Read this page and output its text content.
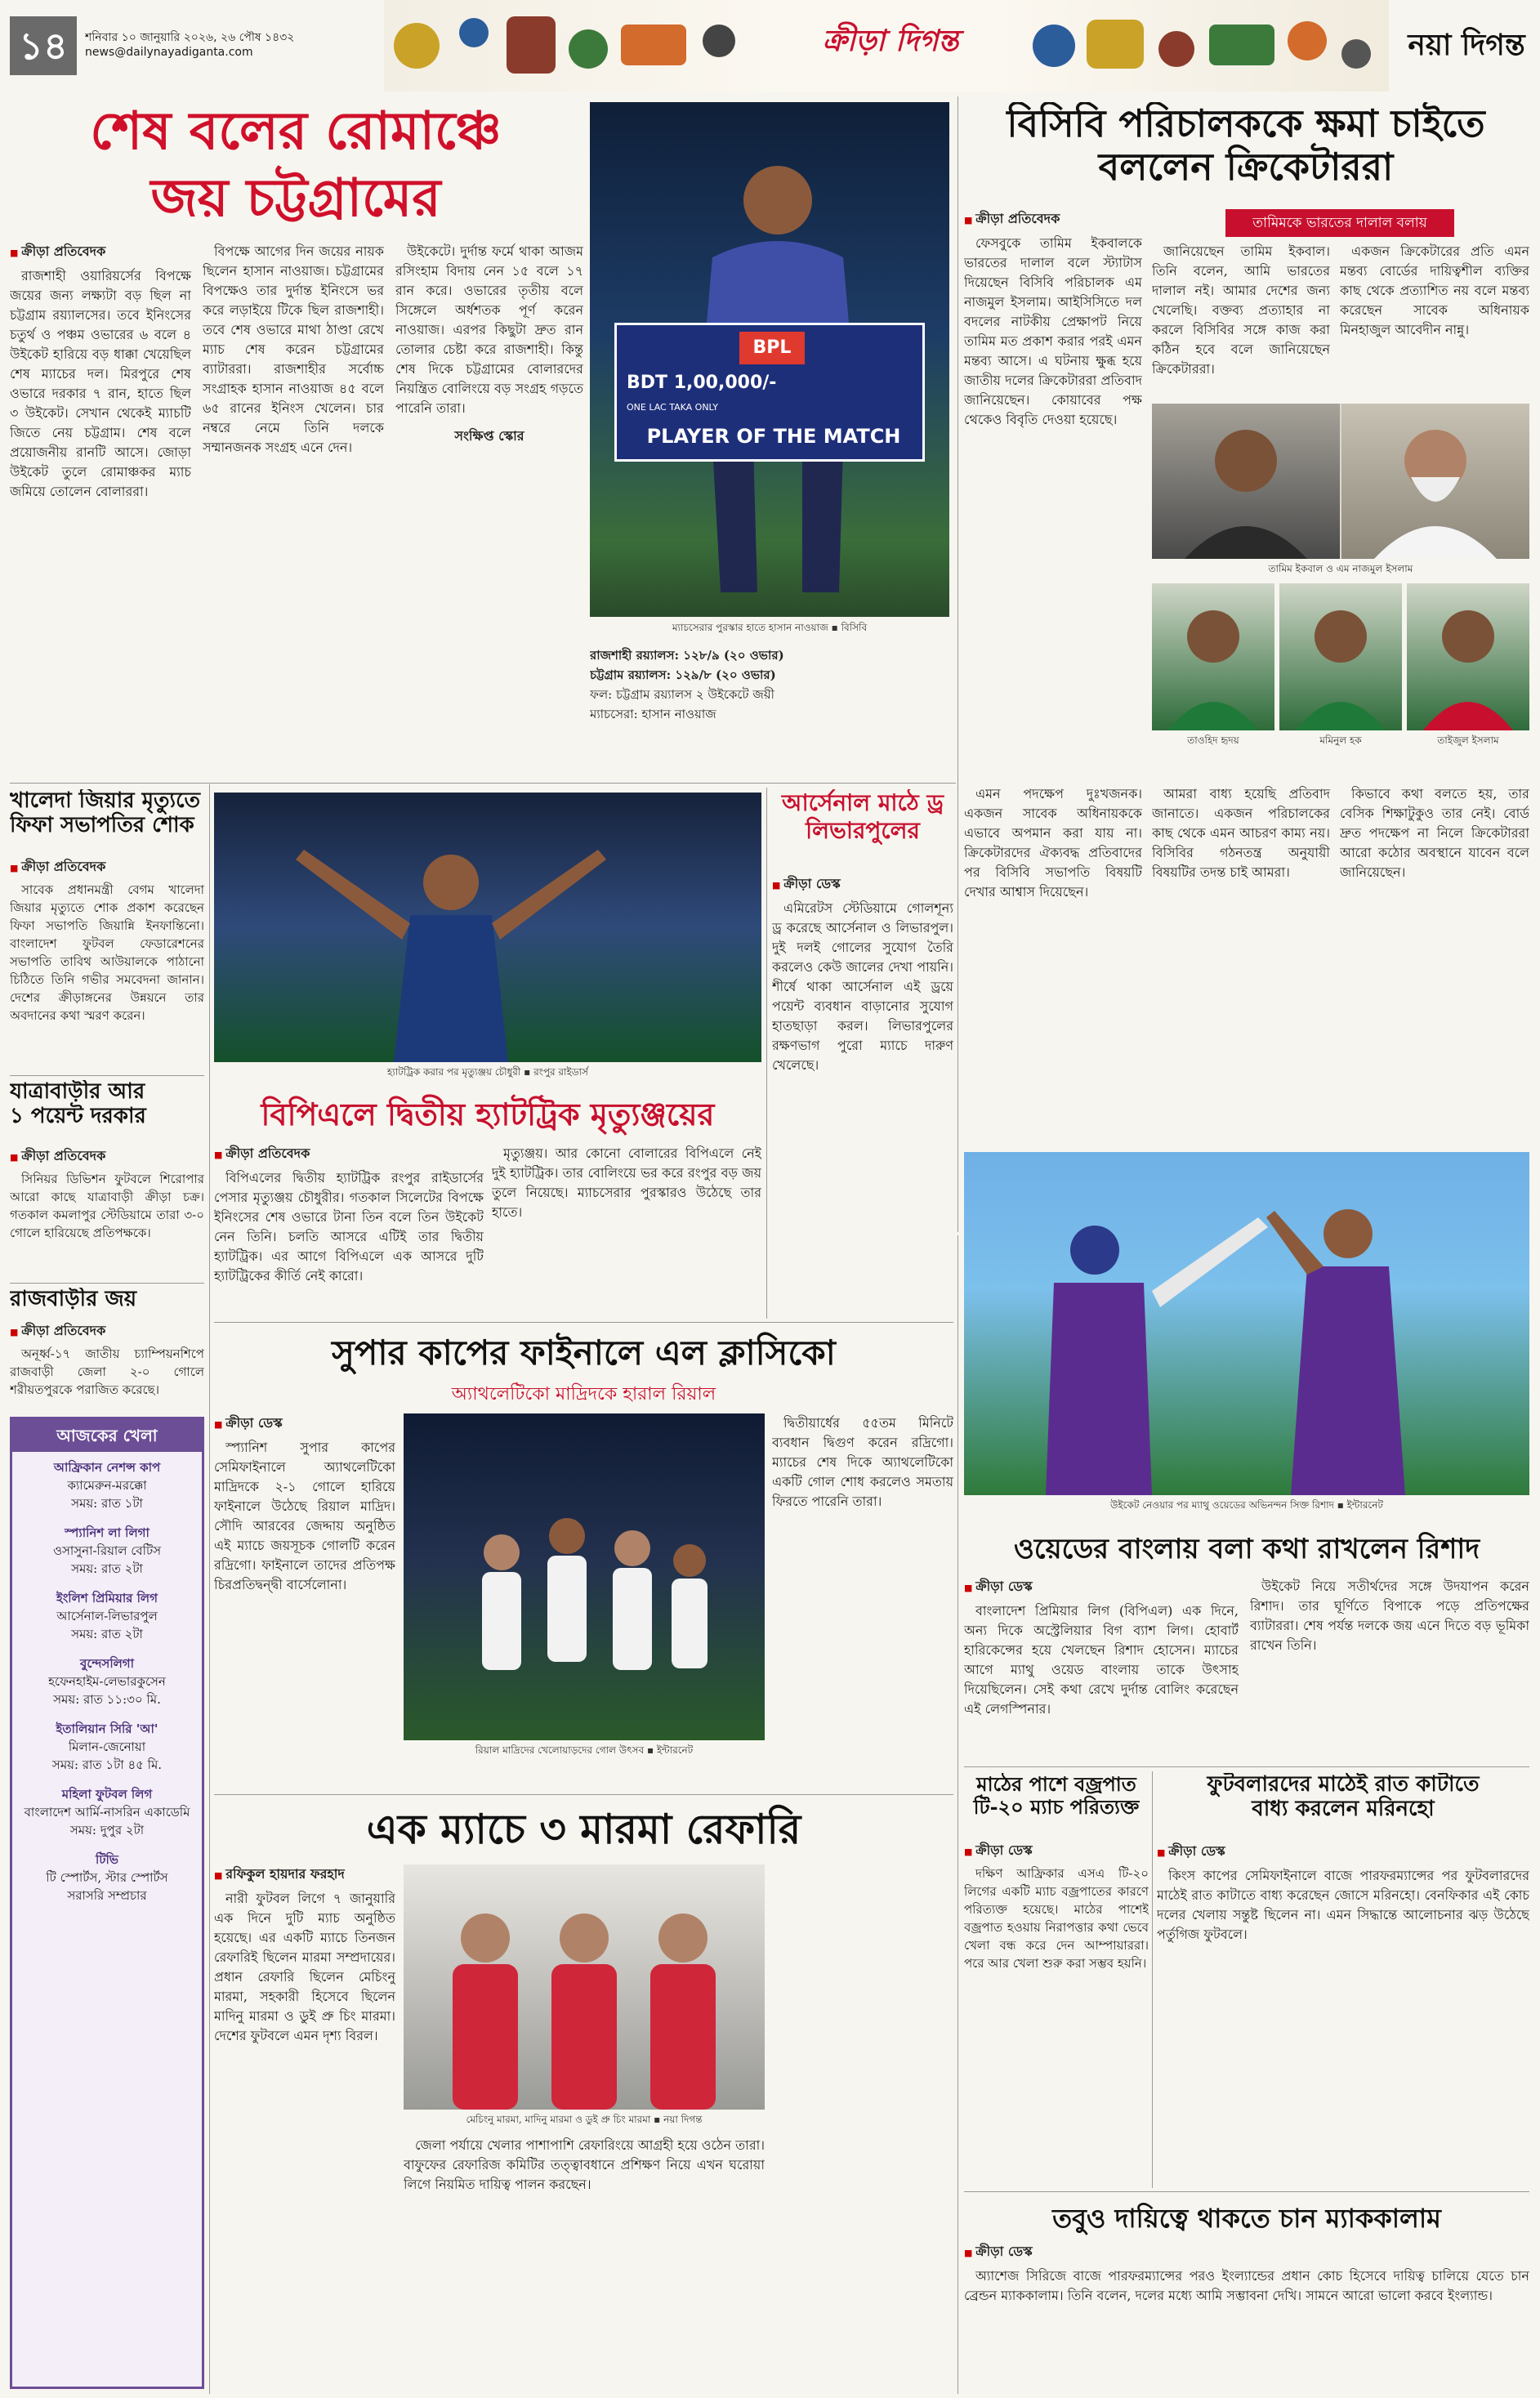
১৪	শনিবার ১০ জানুয়ারি ২০২৬, ২৬ পৌষ ১৪৩২
news@dailynayadiganta.com	ক্রীড়া দিগন্ত	নয়া দিগন্ত
শেষ বলের রোমাঞ্চে
জয় চট্টগ্রামের
■ ক্রীড়া প্রতিবেদক

রাজশাহী ওয়ারিয়র্সের বিপক্ষে জয়ের জন্য লক্ষ্যটা বড় ছিল না চট্টগ্রাম রয়্যালসের। তবে ইনিংসের চতুর্থ ও পঞ্চম ওভারের ৬ বলে ৪ উইকেট হারিয়ে বড় ধাক্কা খেয়েছিল শেষ ম্যাচের দল। মিরপুরে শেষ ওভারে দরকার ৭ রান, হাতে ছিল ৩ উইকেট। সেখান থেকেই ম্যাচটি জিতে নেয় চট্টগ্রাম। শেষ বলে প্রয়োজনীয় রানটি আসে। জোড়া উইকেট তুলে রোমাঞ্চকর ম্যাচ জমিয়ে তোলেন বোলাররা।

বিপক্ষে আগের দিন জয়ের নায়ক ছিলেন হাসান নাওয়াজ। চট্টগ্রামের বিপক্ষেও তার দুর্দান্ত ইনিংসে ভর করে লড়াইয়ে টিকে ছিল রাজশাহী। তবে শেষ ওভারে মাথা ঠাণ্ডা রেখে ম্যাচ শেষ করেন চট্টগ্রামের ব্যাটাররা। রাজশাহীর সর্বোচ্চ সংগ্রাহক হাসান নাওয়াজ ৪৫ বলে ৬৫ রানের ইনিংস খেলেন। চার নম্বরে নেমে তিনি দলকে সম্মানজনক সংগ্রহ এনে দেন।

BPL
BDT 1,00,000/-
ONE LAC TAKA ONLY
PLAYER OF THE MATCH
ম্যাচসেরার পুরস্কার হাতে হাসান নাওয়াজ ▪ বিসিবি

উইকেটে। দুর্দান্ত ফর্মে থাকা আজম রসিংহাম বিদায় নেন ১৫ বলে ১৭ রান করে। ওভারের তৃতীয় বলে সিঙ্গেলে অর্ধশতক পূর্ণ করেন নাওয়াজ। এরপর কিছুটা দ্রুত রান তোলার চেষ্টা করে রাজশাহী। কিন্তু শেষ দিকে চট্টগ্রামের বোলারদের নিয়ন্ত্রিত বোলিংয়ে বড় সংগ্রহ গড়তে পারেনি তারা।

সংক্ষিপ্ত স্কোর
রাজশাহী রয়্যালস: ১২৮/৯ (২০ ওভার)
চট্টগ্রাম রয়্যালস: ১২৯/৮ (২০ ওভার)
ফল: চট্টগ্রাম রয়্যালস ২ উইকেটে জয়ী
ম্যাচসেরা: হাসান নাওয়াজ
বিসিবি পরিচালককে ক্ষমা চাইতে
বললেন ক্রিকেটাররা
তামিমকে ভারতের দালাল বলায়
■ ক্রীড়া প্রতিবেদক

ফেসবুকে তামিম ইকবালকে ভারতের দালাল বলে স্ট্যাটাস দিয়েছেন বিসিবি পরিচালক এম নাজমুল ইসলাম। আইসিসিতে দল বদলের নাটকীয় প্রেক্ষাপট নিয়ে তামিম মত প্রকাশ করার পরই এমন মন্তব্য আসে। এ ঘটনায় ক্ষুব্ধ হয়ে জাতীয় দলের ক্রিকেটাররা প্রতিবাদ জানিয়েছেন। কোয়াবের পক্ষ থেকেও বিবৃতি দেওয়া হয়েছে।

জানিয়েছেন তামিম ইকবাল। তিনি বলেন, আমি ভারতের দালাল নই। আমার দেশের জন্য খেলেছি। বক্তব্য প্রত্যাহার না করলে বিসিবির সঙ্গে কাজ করা কঠিন হবে বলে জানিয়েছেন ক্রিকেটাররা।

একজন ক্রিকেটারের প্রতি এমন মন্তব্য বোর্ডের দায়িত্বশীল ব্যক্তির কাছ থেকে প্রত্যাশিত নয় বলে মন্তব্য করেছেন সাবেক অধিনায়ক মিনহাজুল আবেদীন নান্নু।

তামিম ইকবাল ও এম নাজমুল ইসলাম
তাওহিদ হৃদয়	মমিনুল হক	তাইজুল ইসলাম

এমন পদক্ষেপ দুঃখজনক। একজন সাবেক অধিনায়ককে এভাবে অপমান করা যায় না। ক্রিকেটারদের ঐক্যবদ্ধ প্রতিবাদের পর বিসিবি সভাপতি বিষয়টি দেখার আশ্বাস দিয়েছেন।

আমরা বাধ্য হয়েছি প্রতিবাদ জানাতে। একজন পরিচালকের কাছ থেকে এমন আচরণ কাম্য নয়। বিসিবির গঠনতন্ত্র অনুযায়ী বিষয়টির তদন্ত চাই আমরা।

কিভাবে কথা বলতে হয়, তার বেসিক শিক্ষাটুকুও তার নেই। বোর্ড দ্রুত পদক্ষেপ না নিলে ক্রিকেটাররা আরো কঠোর অবস্থানে যাবেন বলে জানিয়েছেন।

খালেদা জিয়ার মৃত্যুতে
ফিফা সভাপতির শোক
■ ক্রীড়া প্রতিবেদক

সাবেক প্রধানমন্ত্রী বেগম খালেদা জিয়ার মৃত্যুতে শোক প্রকাশ করেছেন ফিফা সভাপতি জিয়ান্নি ইনফান্তিনো। বাংলাদেশ ফুটবল ফেডারেশনের সভাপতি তাবিথ আউয়ালকে পাঠানো চিঠিতে তিনি গভীর সমবেদনা জানান। দেশের ক্রীড়াঙ্গনের উন্নয়নে তার অবদানের কথা স্মরণ করেন।

যাত্রাবাড়ীর আর
১ পয়েন্ট দরকার
■ ক্রীড়া প্রতিবেদক

সিনিয়র ডিভিশন ফুটবলে শিরোপার আরো কাছে যাত্রাবাড়ী ক্রীড়া চক্র। গতকাল কমলাপুর স্টেডিয়ামে তারা ৩-০ গোলে হারিয়েছে প্রতিপক্ষকে।

রাজবাড়ীর জয়
■ ক্রীড়া প্রতিবেদক

অনূর্ধ্ব-১৭ জাতীয় চ্যাম্পিয়নশিপে রাজবাড়ী জেলা ২-০ গোলে শরীয়তপুরকে পরাজিত করেছে।

আজকের খেলা
আফ্রিকান নেশন্স কাপ
ক্যামেরুন-মরক্কো
সময়: রাত ১টা
স্প্যানিশ লা লিগা
ওসাসুনা-রিয়াল বেটিস
সময়: রাত ২টা
ইংলিশ প্রিমিয়ার লিগ
আর্সেনাল-লিভারপুল
সময়: রাত ২টা
বুন্দেসলিগা
হফেনহাইম-লেভারকুসেন
সময়: রাত ১১:৩০ মি.
ইতালিয়ান সিরি 'আ'
মিলান-জেনোয়া
সময়: রাত ১টা ৪৫ মি.
মহিলা ফুটবল লিগ
বাংলাদেশ আর্মি-নাসরিন একাডেমি
সময়: দুপুর ২টা
টিভি
টি স্পোর্টস, স্টার স্পোর্টস
সরাসরি সম্প্রচার
হ্যাটট্রিক করার পর মৃত্যুঞ্জয় চৌধুরী ▪ রংপুর রাইডার্স
আর্সেনাল মাঠে ড্র
লিভারপুলের
■ ক্রীড়া ডেস্ক

এমিরেটস স্টেডিয়ামে গোলশূন্য ড্র করেছে আর্সেনাল ও লিভারপুল। দুই দলই গোলের সুযোগ তৈরি করলেও কেউ জালের দেখা পায়নি। শীর্ষে থাকা আর্সেনাল এই ড্রয়ে পয়েন্ট ব্যবধান বাড়ানোর সুযোগ হাতছাড়া করল। লিভারপুলের রক্ষণভাগ পুরো ম্যাচে দারুণ খেলেছে।

বিপিএলে দ্বিতীয় হ্যাটট্রিক মৃত্যুঞ্জয়ের
■ ক্রীড়া প্রতিবেদক

বিপিএলের দ্বিতীয় হ্যাটট্রিক রংপুর রাইডার্সের পেসার মৃত্যুঞ্জয় চৌধুরীর। গতকাল সিলেটের বিপক্ষে ইনিংসের শেষ ওভারে টানা তিন বলে তিন উইকেট নেন তিনি। চলতি আসরে এটিই তার দ্বিতীয় হ্যাটট্রিক। এর আগে বিপিএলে এক আসরে দুটি হ্যাটট্রিকের কীর্তি নেই কারো।

মৃত্যুঞ্জয়। আর কোনো বোলারের বিপিএলে নেই দুই হ্যাটট্রিক। তার বোলিংয়ে ভর করে রংপুর বড় জয় তুলে নিয়েছে। ম্যাচসেরার পুরস্কারও উঠেছে তার হাতে।

সুপার কাপের ফাইনালে এল ক্লাসিকো
অ্যাথলেটিকো মাদ্রিদকে হারাল রিয়াল
■ ক্রীড়া ডেস্ক

স্প্যানিশ সুপার কাপের সেমিফাইনালে অ্যাথলেটিকো মাদ্রিদকে ২-১ গোলে হারিয়ে ফাইনালে উঠেছে রিয়াল মাদ্রিদ। সৌদি আরবের জেদ্দায় অনুষ্ঠিত এই ম্যাচে জয়সূচক গোলটি করেন রদ্রিগো। ফাইনালে তাদের প্রতিপক্ষ চিরপ্রতিদ্বন্দ্বী বার্সেলোনা।

দ্বিতীয়ার্ধের ৫৫তম মিনিটে ব্যবধান দ্বিগুণ করেন রদ্রিগো। ম্যাচের শেষ দিকে অ্যাথলেটিকো একটি গোল শোধ করলেও সমতায় ফিরতে পারেনি তারা।

রিয়াল মাদ্রিদের খেলোয়াড়দের গোল উৎসব ▪ ইন্টারনেট
এক ম্যাচে ৩ মারমা রেফারি
■ রফিকুল হায়দার ফরহাদ

নারী ফুটবল লিগে ৭ জানুয়ারি এক দিনে দুটি ম্যাচ অনুষ্ঠিত হয়েছে। এর একটি ম্যাচে তিনজন রেফারিই ছিলেন মারমা সম্প্রদায়ের। প্রধান রেফারি ছিলেন মেচিংনু মারমা, সহকারী হিসেবে ছিলেন মাদিনু মারমা ও ডুই প্রু চিং মারমা। দেশের ফুটবলে এমন দৃশ্য বিরল।

মেচিংনু মারমা, মাদিনু মারমা ও ডুই প্রু চিং মারমা ▪ নয়া দিগন্ত

জেলা পর্যায়ে খেলার পাশাপাশি রেফারিংয়ে আগ্রহী হয়ে ওঠেন তারা। বাফুফের রেফারিজ কমিটির তত্ত্বাবধানে প্রশিক্ষণ নিয়ে এখন ঘরোয়া লিগে নিয়মিত দায়িত্ব পালন করছেন।

উইকেট নেওয়ার পর ম্যাথু ওয়েডের অভিনন্দন সিক্ত রিশাদ ▪ ইন্টারনেট
ওয়েডের বাংলায় বলা কথা রাখলেন রিশাদ
■ ক্রীড়া ডেস্ক

বাংলাদেশ প্রিমিয়ার লিগ (বিপিএল) এক দিনে, অন্য দিকে অস্ট্রেলিয়ার বিগ ব্যাশ লিগ। হোবার্ট হারিকেন্সের হয়ে খেলছেন রিশাদ হোসেন। ম্যাচের আগে ম্যাথু ওয়েড বাংলায় তাকে উৎসাহ দিয়েছিলেন। সেই কথা রেখে দুর্দান্ত বোলিং করেছেন এই লেগস্পিনার।

উইকেট নিয়ে সতীর্থদের সঙ্গে উদযাপন করেন রিশাদ। তার ঘূর্ণিতে বিপাকে পড়ে প্রতিপক্ষের ব্যাটাররা। শেষ পর্যন্ত দলকে জয় এনে দিতে বড় ভূমিকা রাখেন তিনি।

মাঠের পাশে বজ্রপাত
টি-২০ ম্যাচ পরিত্যক্ত
■ ক্রীড়া ডেস্ক

দক্ষিণ আফ্রিকার এসএ টি-২০ লিগের একটি ম্যাচ বজ্রপাতের কারণে পরিত্যক্ত হয়েছে। মাঠের পাশেই বজ্রপাত হওয়ায় নিরাপত্তার কথা ভেবে খেলা বন্ধ করে দেন আম্পায়াররা। পরে আর খেলা শুরু করা সম্ভব হয়নি।

ফুটবলারদের মাঠেই রাত কাটাতে
বাধ্য করলেন মরিনহো
■ ক্রীড়া ডেস্ক

কিংস কাপের সেমিফাইনালে বাজে পারফরম্যান্সের পর ফুটবলারদের মাঠেই রাত কাটাতে বাধ্য করেছেন জোসে মরিনহো। বেনফিকার এই কোচ দলের খেলায় সন্তুষ্ট ছিলেন না। এমন সিদ্ধান্তে আলোচনার ঝড় উঠেছে পর্তুগিজ ফুটবলে।

তবুও দায়িত্বে থাকতে চান ম্যাককালাম
■ ক্রীড়া ডেস্ক

অ্যাশেজ সিরিজে বাজে পারফরম্যান্সের পরও ইংল্যান্ডের প্রধান কোচ হিসেবে দায়িত্ব চালিয়ে যেতে চান ব্রেন্ডন ম্যাককালাম। তিনি বলেন, দলের মধ্যে আমি সম্ভাবনা দেখি। সামনে আরো ভালো করবে ইংল্যান্ড।
